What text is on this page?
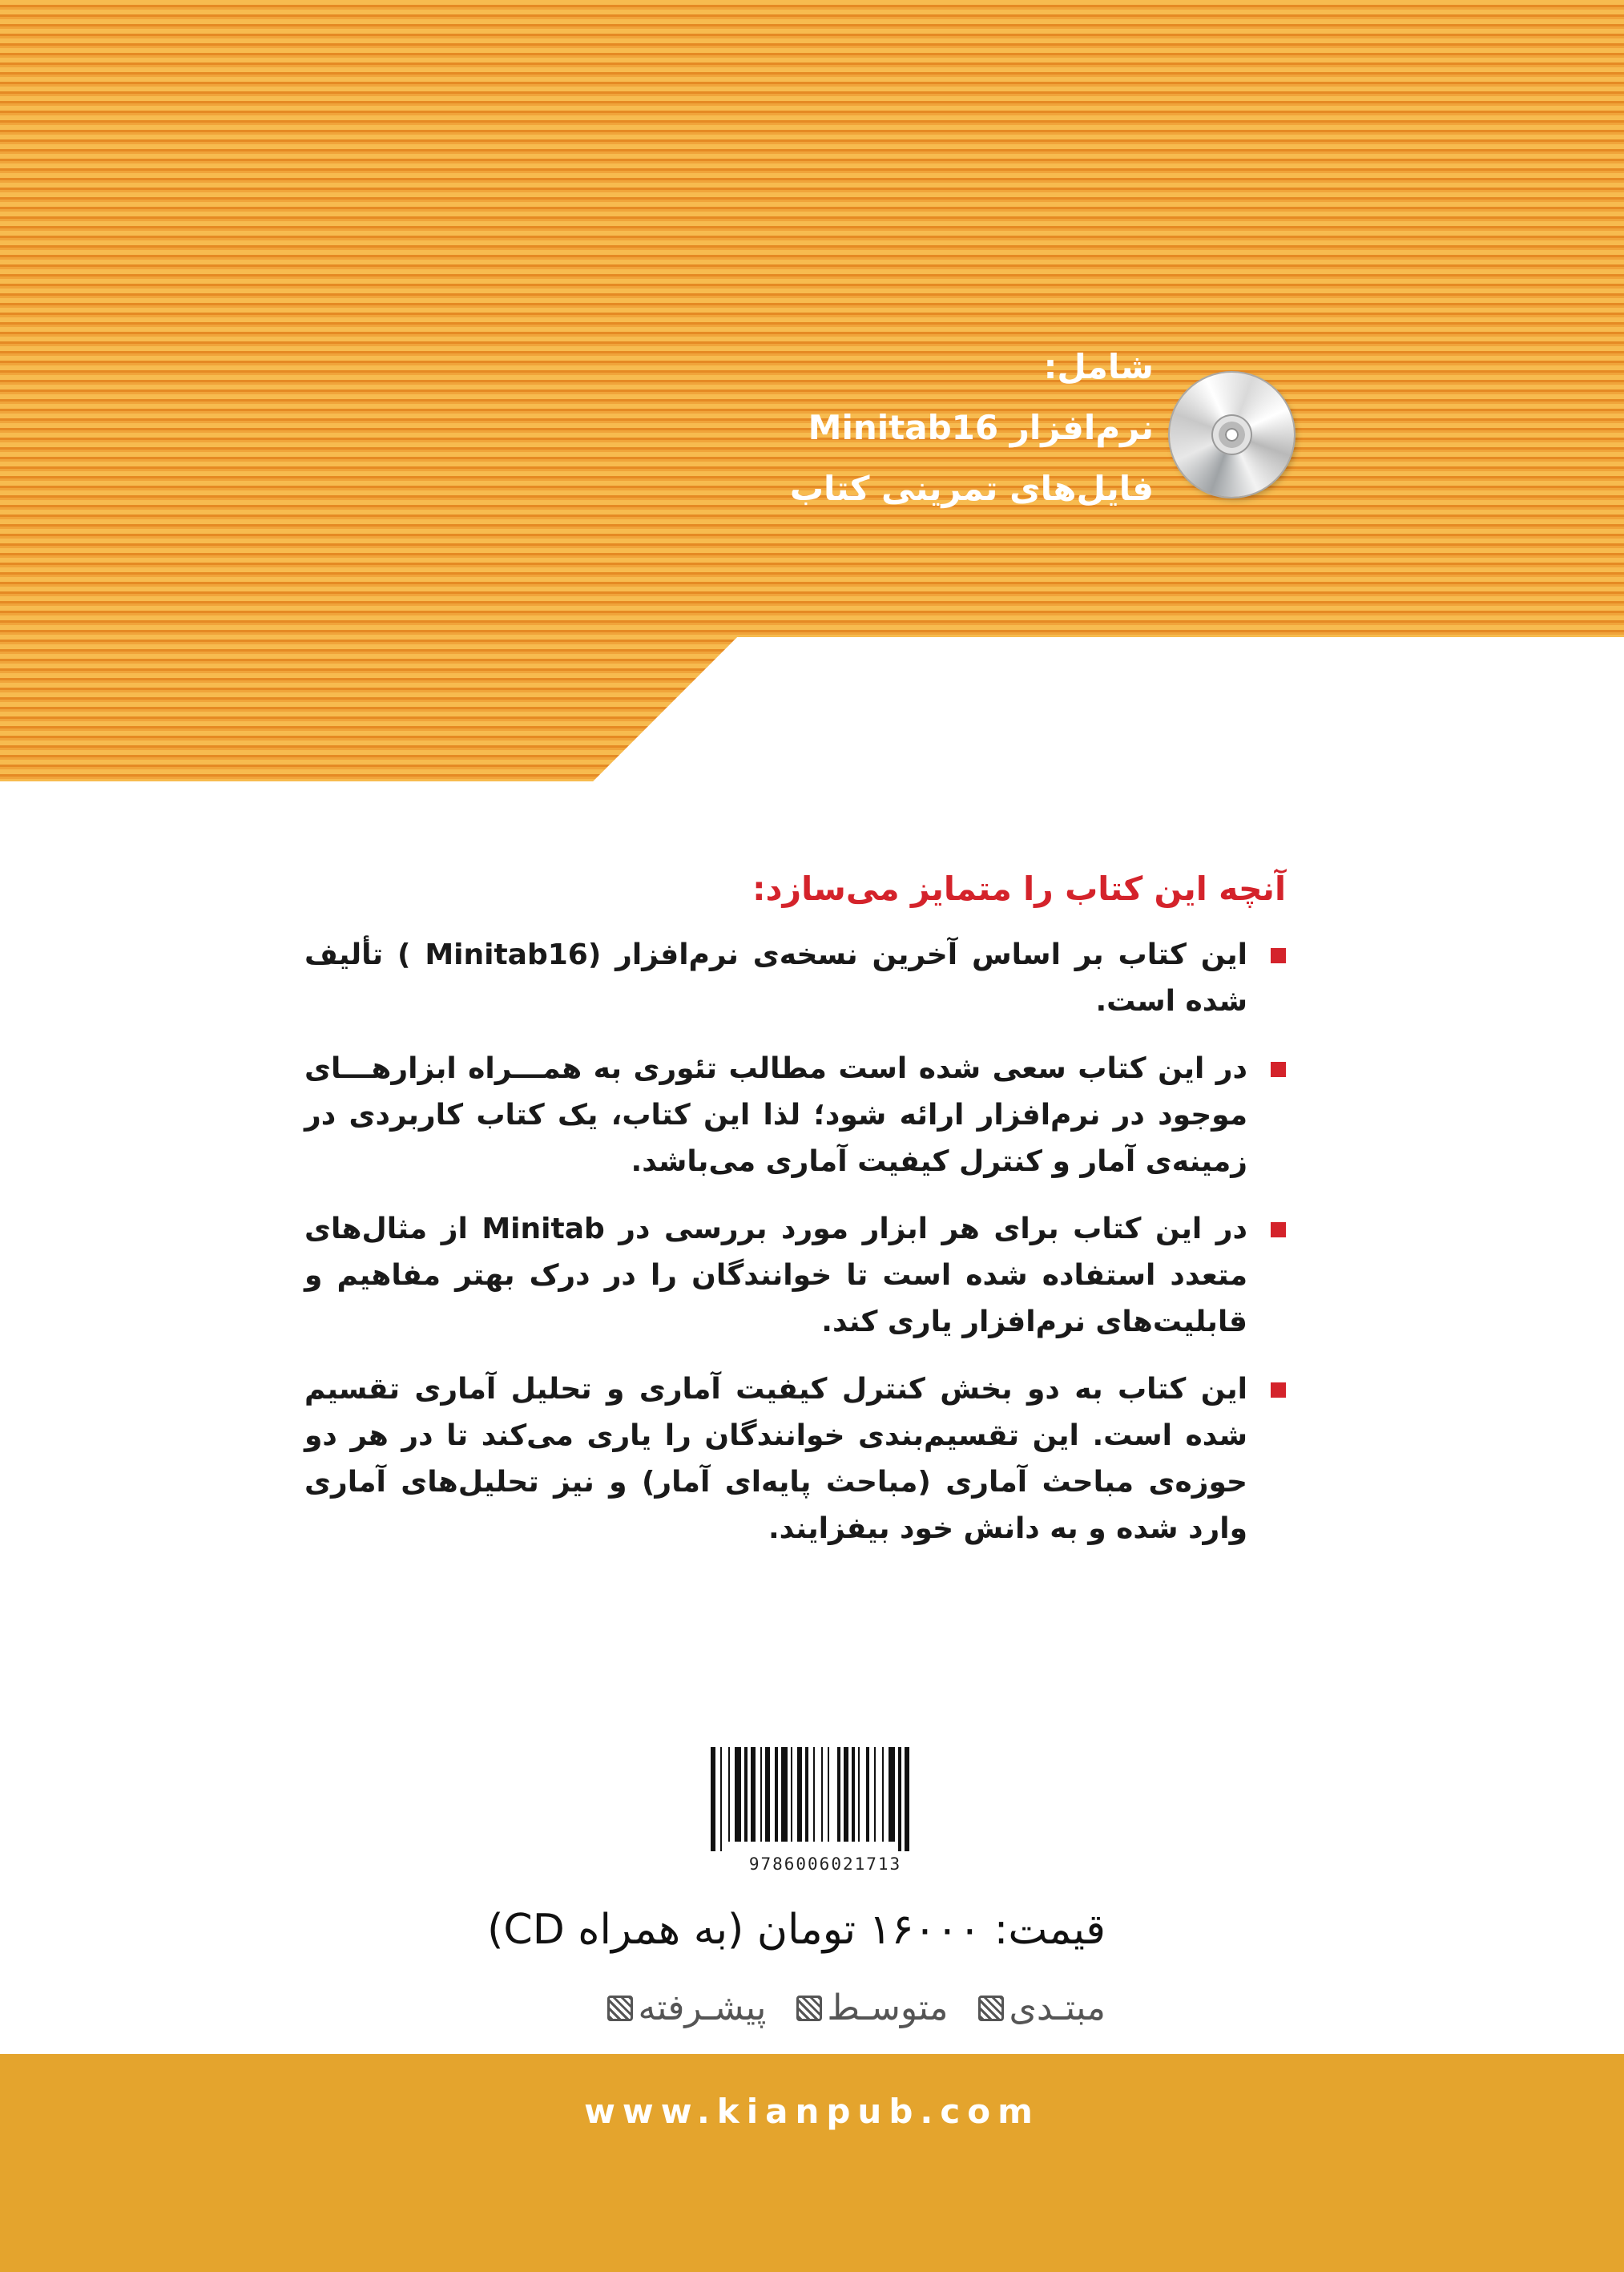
شامل:
نرم‌افزار Minitab16
فایل‌های تمرینی کتاب
آنچه این کتاب را متمایز می‌سازد:
این کتاب بر اساس آخرین نسخه‌ی نرم‌افزار (Minitab16 ) تألیف شده است.
در این کتاب سعی شده است مطالب تئوری به همـــراه ابزارهـــای موجود در نرم‌افزار ارائه شود؛ لذا این کتاب، یک کتاب کاربردی در زمینه‌ی آمار و کنترل کیفیت آماری می‌باشد.
در این کتاب برای هر ابزار مورد بررسی در Minitab از مثال‌های متعدد استفاده شده است تا خوانندگان را در درک بهتر مفاهیم و قابلیت‌های نرم‌افزار یاری کند.
این کتاب به دو بخش کنترل کیفیت آماری و تحلیل آماری تقسیم شده است. این تقسیم‌بندی خوانندگان را یاری می‌کند تا در هر دو حوزه‌ی مباحث آماری (مباحث پایه‌ای آمار) و نیز تحلیل‌های آماری وارد شده و به دانش خود بیفزایند.
9786006021713
قیمت: ۱۶۰۰۰ تومان (به همراه CD)
مبتـدی

متوسـط

پیشـرفته
www.kianpub.com
